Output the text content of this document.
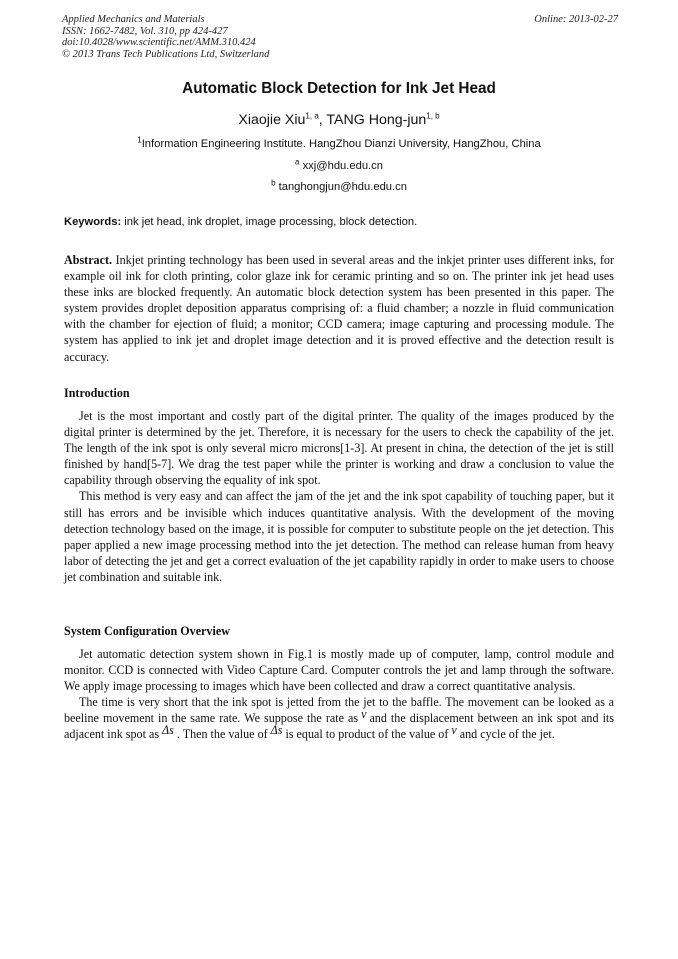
Applied Mechanics and Materials
ISSN: 1662-7482, Vol. 310, pp 424-427
doi:10.4028/www.scientific.net/AMM.310.424
© 2013 Trans Tech Publications Ltd, Switzerland
Online: 2013-02-27
Automatic Block Detection for Ink Jet Head
Xiaojie Xiu$^{1, a}$, TANG Hong-jun$^{1, b}$
$^1$Information Engineering Institute. HangZhou Dianzi University, HangZhou, China
$^a$ xxj@hdu.edu.cn
$^b$ tanghongjun@hdu.edu.cn
Keywords: ink jet head, ink droplet, image processing, block detection.

Abstract. Inkjet printing technology has been used in several areas and the inkjet printer uses different inks, for example oil ink for cloth printing, color glaze ink for ceramic printing and so on. The printer ink jet head uses these inks are blocked frequently. An automatic block detection system has been presented in this paper. The system provides droplet deposition apparatus comprising of: a fluid chamber; a nozzle in fluid communication with the chamber for ejection of fluid; a monitor; CCD camera; image capturing and processing module. The system has applied to ink jet and droplet image detection and it is proved effective and the detection result is accuracy.

Introduction

Jet is the most important and costly part of the digital printer. The quality of the images produced by the digital printer is determined by the jet. Therefore, it is necessary for the users to check the capability of the jet. The length of the ink spot is only several micro microns[1-3]. At present in china, the detection of the jet is still finished by hand[5-7]. We drag the test paper while the printer is working and draw a conclusion to value the capability through observing the equality of ink spot.

This method is very easy and can affect the jam of the jet and the ink spot capability of touching paper, but it still has errors and be invisible which induces quantitative analysis. With the development of the moving detection technology based on the image, it is possible for computer to substitute people on the jet detection. This paper applied a new image processing method into the jet detection. The method can release human from heavy labor of detecting the jet and get a correct evaluation of the jet capability rapidly in order to make users to choose jet combination and suitable ink.

System Configuration Overview

Jet automatic detection system shown in Fig.1 is mostly made up of computer, lamp, control module and monitor. CCD is connected with Video Capture Card. Computer controls the jet and lamp through the software. We apply image processing to images which have been collected and draw a correct quantitative analysis.

The time is very short that the ink spot is jetted from the jet to the baffle. The movement can be looked as a beeline movement in the same rate. We suppose the rate as v and the displacement between an ink spot and its adjacent ink spot as Δs . Then the value of Δs is equal to product of the value of v and cycle of the jet.
